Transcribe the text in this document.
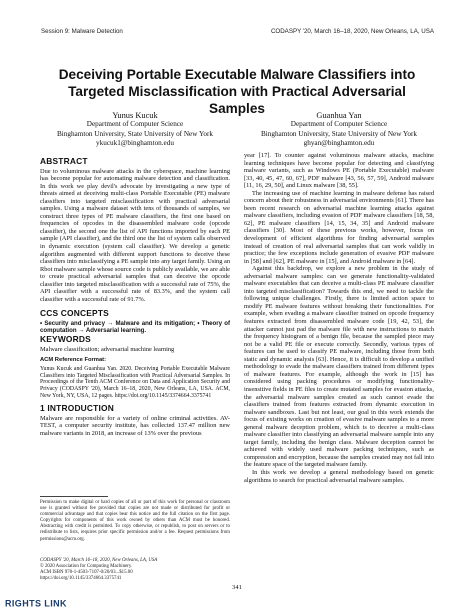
Session 9: Malware Detection	CODASPY '20, March 16–18, 2020, New Orleans, LA, USA
Deceiving Portable Executable Malware Classifiers into Targeted Misclassification with Practical Adversarial Samples
Yunus Kucuk
Department of Computer Science
Binghamton University, State University of New York
ykucuk1@binghamton.edu
Guanhua Yan
Department of Computer Science
Binghamton University, State University of New York
ghyan@binghamton.edu
ABSTRACT

Due to voluminous malware attacks in the cyberspace, machine learning has become popular for automating malware detection and classification. In this work we play devil's advocate by investigating a new type of threats aimed at deceiving multi-class Portable Executable (PE) malware classifiers into targeted misclassification with practical adversarial samples. Using a malware dataset with tens of thousands of samples, we construct three types of PE malware classifiers, the first one based on frequencies of opcodes in the disassembled malware code (opcode classifier), the second one the list of API functions imported by each PE sample (API classifier), and the third one the list of system calls observed in dynamic execution (system call classifier). We develop a genetic algorithm augmented with different support functions to deceive these classifiers into misclassifying a PE sample into any target family. Using an Rbot malware sample whose source code is publicly available, we are able to create practical adversarial samples that can deceive the opcode classifier into targeted misclassification with a successful rate of 75%, the API classifier with a successful rate of 83.3%, and the system call classifier with a successful rate of 91.7%.

CCS CONCEPTS

• Security and privacy → Malware and its mitigation; • Theory of computation → Adversarial learning.

KEYWORDS

Malware classification; adversarial machine learning

ACM Reference Format:

Yunus Kucuk and Guanhua Yan. 2020. Deceiving Portable Executable Malware Classifiers into Targeted Misclassification with Practical Adversarial Samples. In Proceedings of the Tenth ACM Conference on Data and Application Security and Privacy (CODASPY '20), March 16–18, 2020, New Orleans, LA, USA. ACM, New York, NY, USA, 12 pages. https://doi.org/10.1145/3374664.3375741

1 INTRODUCTION

Malware are responsible for a variety of online criminal activities. AV-TEST, a computer security institute, has collected 137.47 million new malware variants in 2018, an increase of 13% over the previous

Permission to make digital or hard copies of all or part of this work for personal or classroom use is granted without fee provided that copies are not made or distributed for profit or commercial advantage and that copies bear this notice and the full citation on the first page. Copyrights for components of this work owned by others than ACM must be honored. Abstracting with credit is permitted. To copy otherwise, or republish, to post on servers or to redistribute to lists, requires prior specific permission and/or a fee. Request permissions from permissions@acm.org.
CODASPY '20, March 16–18, 2020, New Orleans, LA, USA
© 2020 Association for Computing Machinery.
ACM ISBN 978-1-4503-7107-0/20/03...$15.00
https://doi.org/10.1145/3374664.3375741

year [17]. To counter against voluminous malware attacks, machine learning techniques have become popular for detecting and classifying malware variants, such as Windows PE (Portable Executable) malware [33, 40, 45, 47, 60, 67], PDF malware [43, 56, 57, 59], Android malware [11, 16, 29, 50], and Linux malware [38, 55].

The increasing use of machine learning in malware defense has raised concern about their robustness in adversarial environments [61]. There has been recent research on adversarial machine learning attacks against malware classifiers, including evasion of PDF malware classifiers [18, 58, 62], PE malware classifiers [14, 15, 34, 35] and Android malware classifiers [30]. Most of these previous works, however, focus on development of efficient algorithms for finding adversarial samples instead of creation of real adversarial samples that can work validly in practice; the few exceptions include generation of evasive PDF malware in [58] and [62], PE malware in [15], and Android malware in [64].

Against this backdrop, we explore a new problem in the study of adversarial malware samples: can we generate functionality-validated malware executables that can deceive a multi-class PE malware classifier into targeted misclassification? Towards this end, we need to tackle the following unique challenges. Firstly, there is limited action space to modify PE malware features without breaking their functionalities. For example, when evading a malware classifier trained on opcode frequency features extracted from disassembled malware code [19, 42, 53], the attacker cannot just pad the malware file with new instructions to match the frequency histogram of a benign file, because the sampled piece may not be a valid PE file or execute correctly. Secondly, various types of features can be used to classify PE malware, including those from both static and dynamic analysis [63]. Hence, it is difficult to develop a unified methodology to evade the malware classifiers trained from different types of malware features. For example, although the work in [15] has considered using packing procedures or modifying functionality-insensitive fields in PE files to create mutated samples for evasion attacks, the adversarial malware samples created as such cannot evade the classifiers trained from features extracted from dynamic execution in malware sandboxes. Last but not least, our goal in this work extends the focus of existing works on creation of evasive malware samples to a more general malware deception problem, which is to deceive a multi-class malware classifier into classifying an adversarial malware sample into any target family, including the benign class. Malware deception cannot be achieved with widely used malware packing techniques, such as compression and encryption, because the samples created may not fall into the feature space of the targeted malware family.

In this work we develop a general methodology based on genetic algorithms to search for practical adversarial malware samples.

341
RIGHTS LINK
